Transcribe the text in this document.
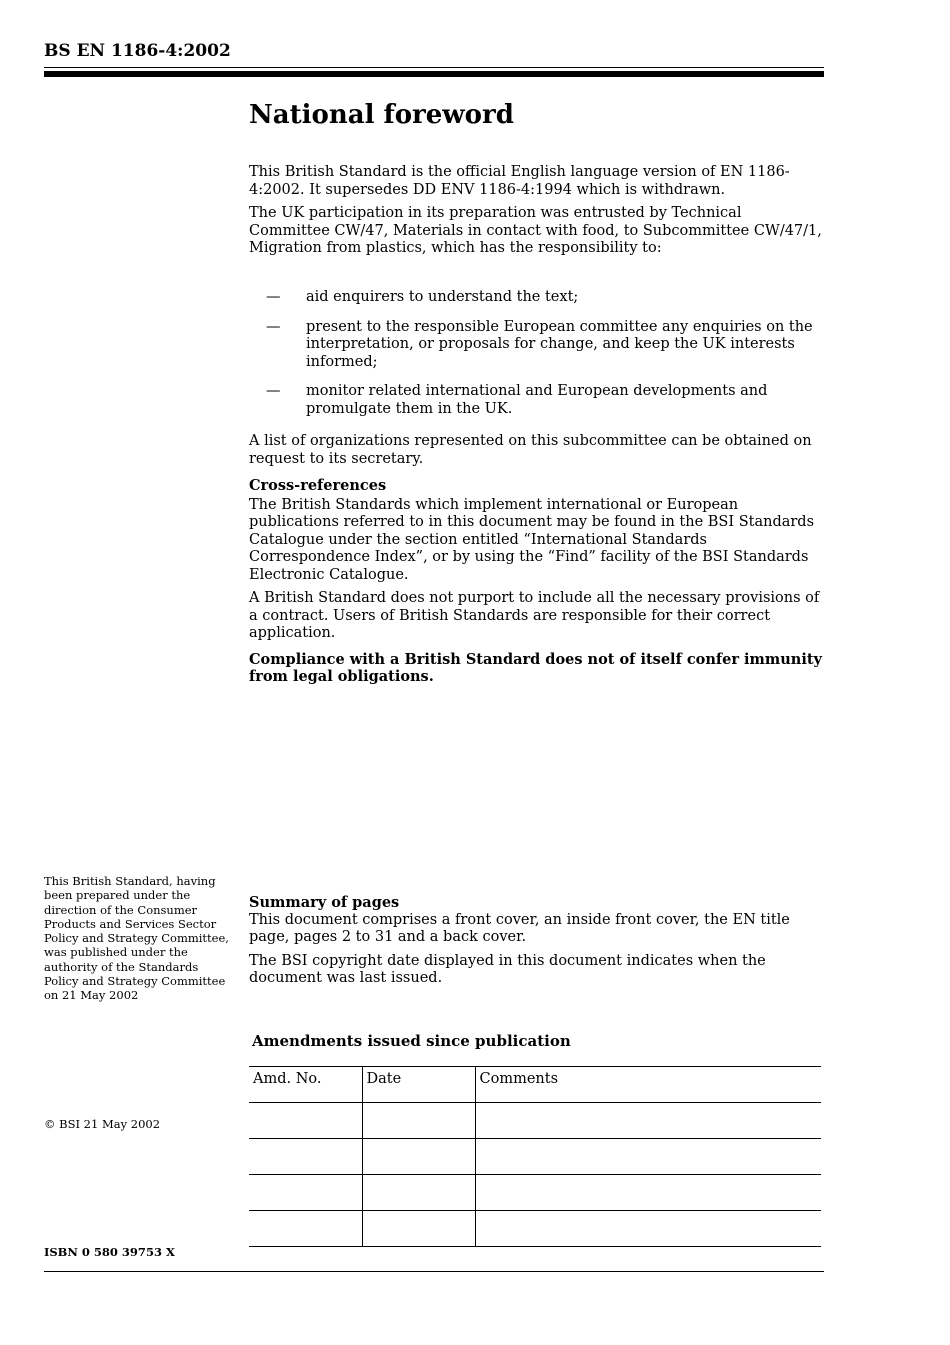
BS EN 1186-4:2002
National foreword

This British Standard is the official English language version of EN 1186-4:2002. It supersedes DD ENV 1186-4:1994 which is withdrawn.

The UK participation in its preparation was entrusted by Technical Committee CW/47, Materials in contact with food, to Subcommittee CW/47/1, Migration from plastics, which has the responsibility to:

— aid enquirers to understand the text;
— present to the responsible European committee any enquiries on the interpretation, or proposals for change, and keep the UK interests informed;
— monitor related international and European developments and promulgate them in the UK.

A list of organizations represented on this subcommittee can be obtained on request to its secretary.

Cross-references

The British Standards which implement international or European publications referred to in this document may be found in the BSI Standards Catalogue under the section entitled “International Standards Correspondence Index”, or by using the “Find” facility of the BSI Standards Electronic Catalogue.

A British Standard does not purport to include all the necessary provisions of a contract. Users of British Standards are responsible for their correct application.

Compliance with a British Standard does not of itself confer immunity from legal obligations.

This British Standard, having been prepared under the direction of the Consumer Products and Services Sector Policy and Strategy Committee, was published under the authority of the Standards Policy and Strategy Committee on 21 May 2002

Summary of pages

This document comprises a front cover, an inside front cover, the EN title page, pages 2 to 31 and a back cover.

The BSI copyright date displayed in this document indicates when the document was last issued.

Amendments issued since publication
Amd. No.	Date	Comments

© BSI 21 May 2002
ISBN 0 580 39753 X
